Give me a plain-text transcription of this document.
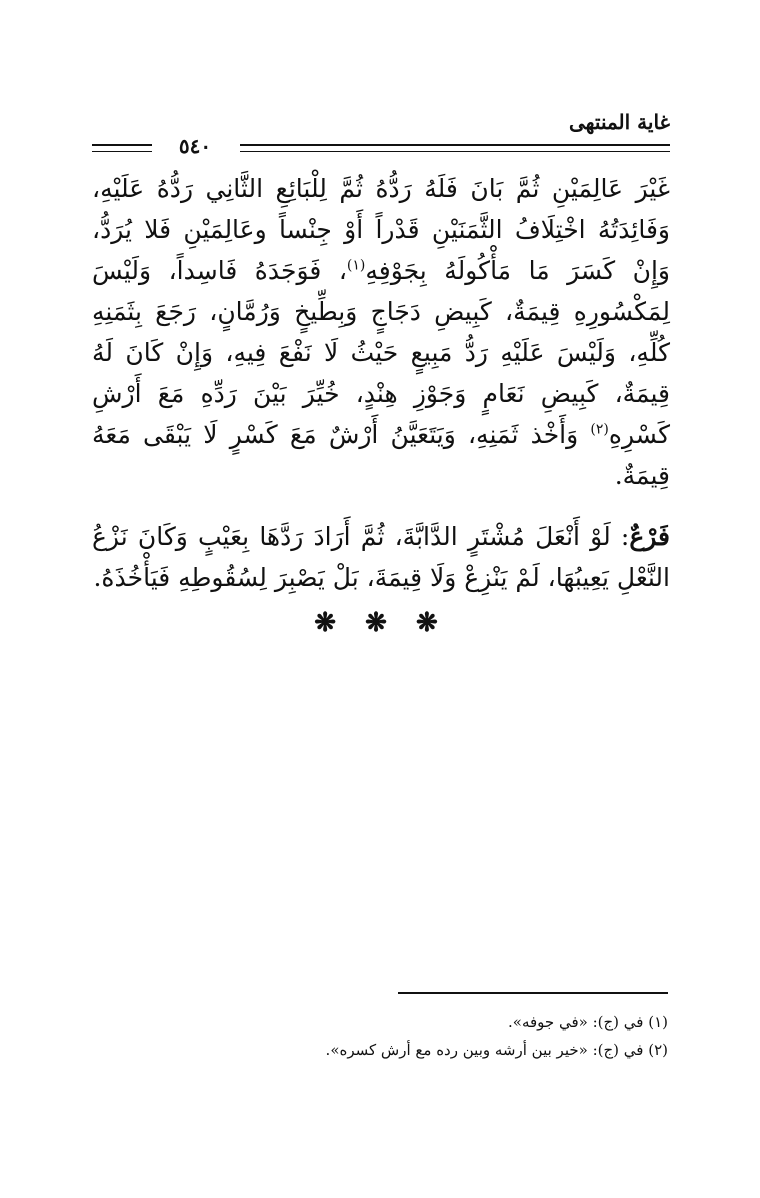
غاية المنتهى
٥٤٠

غَيْرَ عَالِمَيْنِ ثُمَّ بَانَ فَلَهُ رَدُّهُ ثُمَّ لِلْبَائِعِ الثَّانِي رَدُّهُ عَلَيْهِ، وَفَائِدَتُهُ اخْتِلَافُ الثَّمَنَيْنِ قَدْراً أَوْ جِنْساً وعَالِمَيْنِ فَلا يُرَدُّ، وَإِنْ كَسَرَ مَا مَأْكُولَهُ بِجَوْفِهِ$^{(١)}$، فَوَجَدَهُ فَاسِداً، وَلَيْسَ لِمَكْسُورِهِ قِيمَةٌ، كَبِيضِ دَجَاجٍ وَبِطِّيخٍ وَرُمَّانٍ، رَجَعَ بِثَمَنِهِ كُلِّهِ، وَلَيْسَ عَلَيْهِ رَدُّ مَبِيعٍ حَيْثُ لَا نَفْعَ فِيهِ، وَإِنْ كَانَ لَهُ قِيمَةٌ، كَبِيضِ نَعَامٍ وَجَوْزِ هِنْدٍ، خُيِّرَ بَيْنَ رَدِّهِ مَعَ أَرْشِ كَسْرِهِ$^{(٢)}$ وَأَخْذ ثَمَنِهِ، وَيَتَعَيَّنُ أَرْشٌ مَعَ كَسْرٍ لَا يَبْقَى مَعَهُ قِيمَةٌ.

فَرْعٌ: لَوْ أَنْعَلَ مُشْتَرٍ الدَّابَّةَ، ثُمَّ أَرَادَ رَدَّهَا بِعَيْبٍ وَكَانَ نَزْعُ النَّعْلِ يَعِيبُهَا، لَمْ يَنْزِعْ وَلَا قِيمَةَ، بَلْ يَصْبِرَ لِسُقُوطِهِ فَيَأْخُذَهُ.

❋ ❋ ❋

(١) في (ج): «في جوفه».

(٢) في (ج): «خير بين أرشه وبين رده مع أرش كسره».
